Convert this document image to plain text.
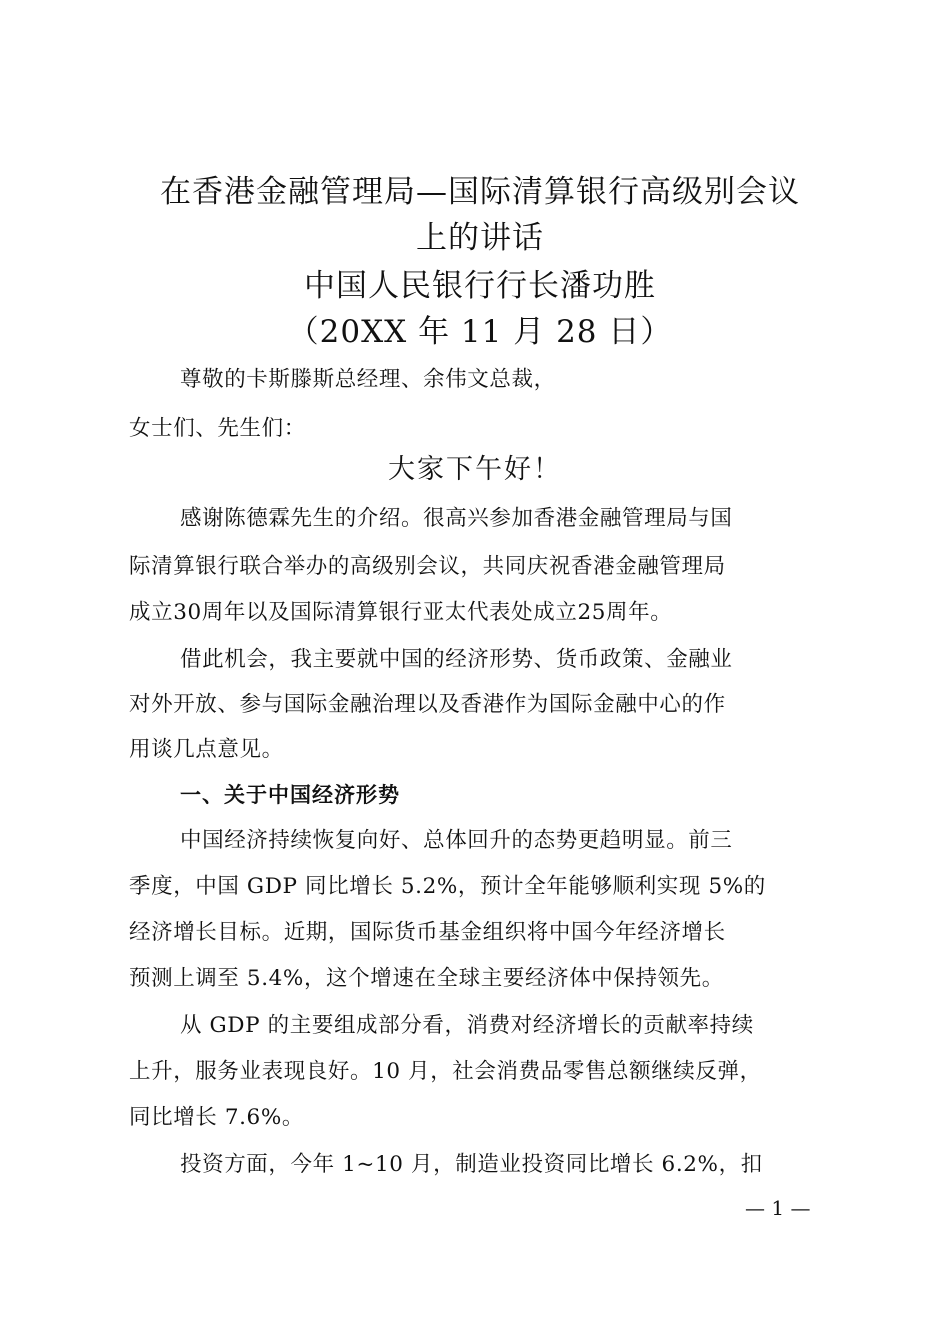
在香港金融管理局—国际清算银行高级别会议
上的讲话
中国人民银行行长潘功胜
（20XX 年 11 月 28 日）
尊敬的卡斯滕斯总经理、余伟文总裁，
女士们、先生们：
大家下午好！
感谢陈德霖先生的介绍。很高兴参加香港金融管理局与国
际清算银行联合举办的高级别会议，共同庆祝香港金融管理局
成立30周年以及国际清算银行亚太代表处成立25周年。
借此机会，我主要就中国的经济形势、货币政策、金融业
对外开放、参与国际金融治理以及香港作为国际金融中心的作
用谈几点意见。
一、关于中国经济形势
中国经济持续恢复向好、总体回升的态势更趋明显。前三
季度，中国 GDP 同比增长 5.2%，预计全年能够顺利实现 5%的
经济增长目标。近期，国际货币基金组织将中国今年经济增长
预测上调至 5.4%，这个增速在全球主要经济体中保持领先。
从 GDP 的主要组成部分看，消费对经济增长的贡献率持续
上升，服务业表现良好。10 月，社会消费品零售总额继续反弹，
同比增长 7.6%。
投资方面，今年 1~10 月，制造业投资同比增长 6.2%，扣
— 1 —
